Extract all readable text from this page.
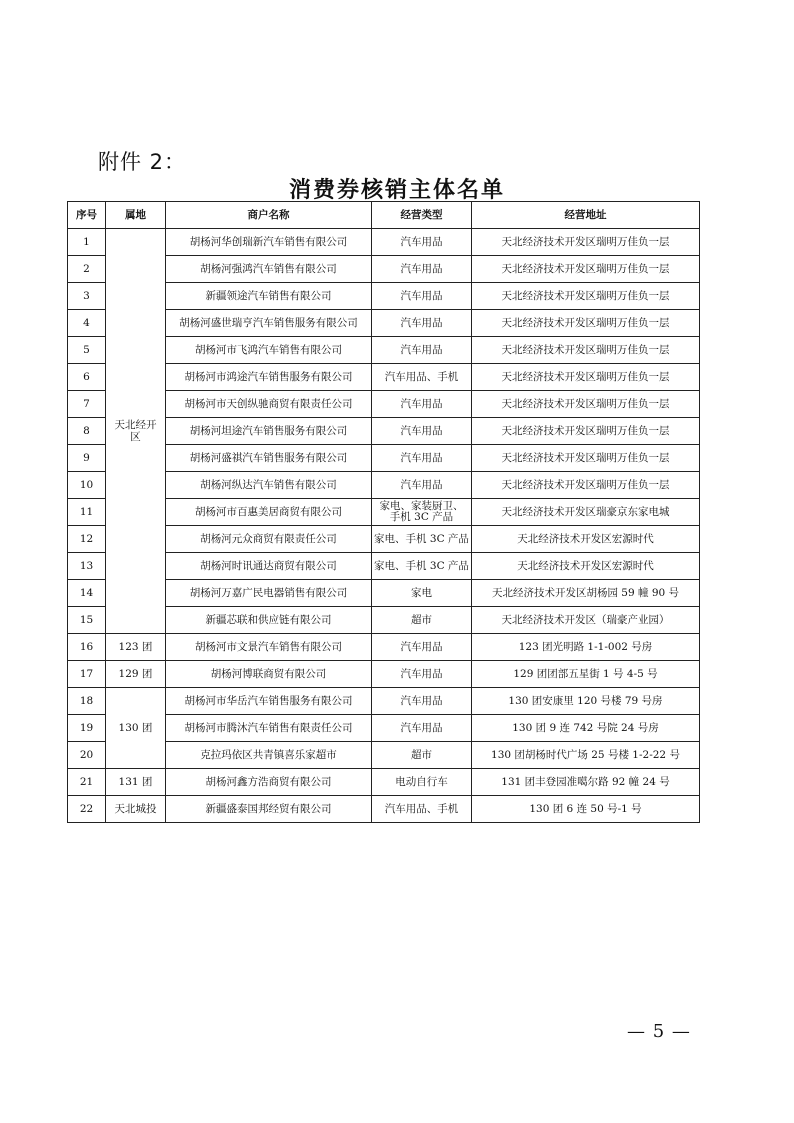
附件 2：
消费券核销主体名单
序号	属地	商户名称	经营类型	经营地址
1	天北经开区	胡杨河华创瑞新汽车销售有限公司	汽车用品	天北经济技术开发区瑞明万佳负一层
2		胡杨河强鸿汽车销售有限公司	汽车用品	天北经济技术开发区瑞明万佳负一层
3		新疆领途汽车销售有限公司	汽车用品	天北经济技术开发区瑞明万佳负一层
4		胡杨河盛世瑞亨汽车销售服务有限公司	汽车用品	天北经济技术开发区瑞明万佳负一层
5		胡杨河市飞鸿汽车销售有限公司	汽车用品	天北经济技术开发区瑞明万佳负一层
6		胡杨河市鸿途汽车销售服务有限公司	汽车用品、手机	天北经济技术开发区瑞明万佳负一层
7		胡杨河市天创纵驰商贸有限责任公司	汽车用品	天北经济技术开发区瑞明万佳负一层
8		胡杨河坦途汽车销售服务有限公司	汽车用品	天北经济技术开发区瑞明万佳负一层
9		胡杨河盛祺汽车销售服务有限公司	汽车用品	天北经济技术开发区瑞明万佳负一层
10		胡杨河纵达汽车销售有限公司	汽车用品	天北经济技术开发区瑞明万佳负一层
11		胡杨河市百惠美居商贸有限公司	家电、家装厨卫、手机 3C 产品	天北经济技术开发区瑞豪京东家电城
12		胡杨河元众商贸有限责任公司	家电、手机 3C 产品	天北经济技术开发区宏源时代
13		胡杨河时讯通达商贸有限公司	家电、手机 3C 产品	天北经济技术开发区宏源时代
14		胡杨河万嘉广民电器销售有限公司	家电	天北经济技术开发区胡杨园 59 幢 90 号
15		新疆芯联和供应链有限公司	超市	天北经济技术开发区（瑞豪产业园）
16	123 团	胡杨河市文景汽车销售有限公司	汽车用品	123 团光明路 1-1-002 号房
17	129 团	胡杨河博联商贸有限公司	汽车用品	129 团团部五星街 1 号 4-5 号
18	130 团	胡杨河市华岳汽车销售服务有限公司	汽车用品	130 团安康里 120 号楼 79 号房
19		胡杨河市腾沐汽车销售有限责任公司	汽车用品	130 团 9 连 742 号院 24 号房
20		克拉玛依区共青镇喜乐家超市	超市	130 团胡杨时代广场 25 号楼 1-2-22 号
21	131 团	胡杨河鑫方浩商贸有限公司	电动自行车	131 团丰登园准噶尔路 92 幢 24 号
22	天北城投	新疆盛泰国邦经贸有限公司	汽车用品、手机	130 团 6 连 50 号-1 号
— 5 —
